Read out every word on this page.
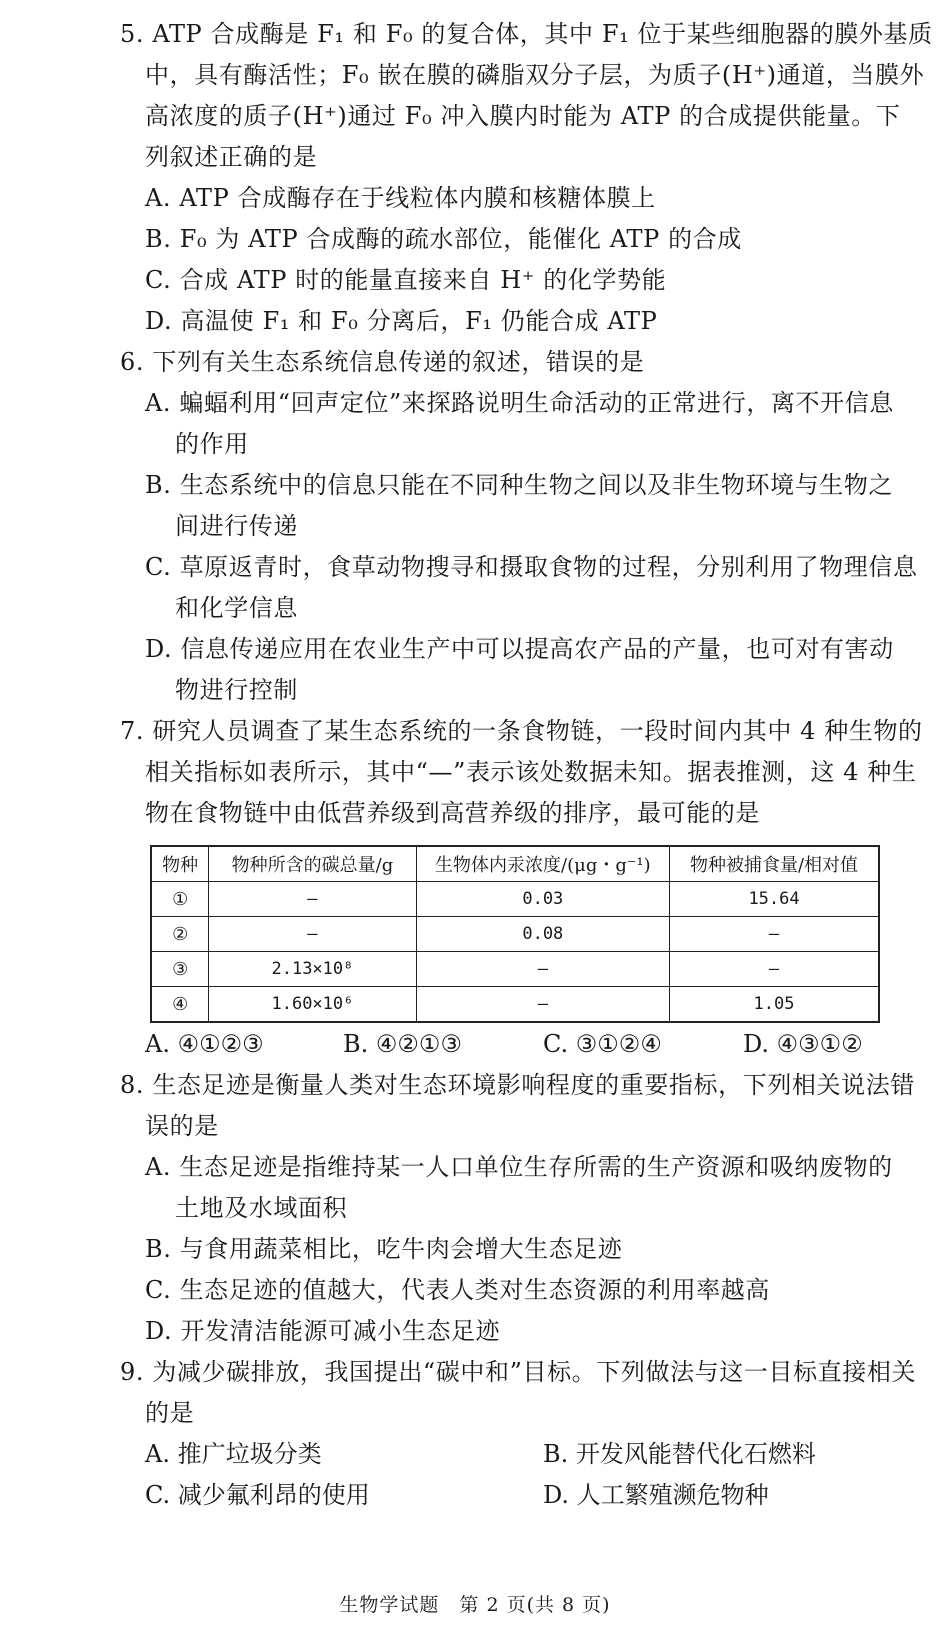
5. ATP 合成酶是 F₁ 和 F₀ 的复合体，其中 F₁ 位于某些细胞器的膜外基质
中，具有酶活性；F₀ 嵌在膜的磷脂双分子层，为质子(H⁺)通道，当膜外
高浓度的质子(H⁺)通过 F₀ 冲入膜内时能为 ATP 的合成提供能量。下
列叙述正确的是
A. ATP 合成酶存在于线粒体内膜和核糖体膜上
B. F₀ 为 ATP 合成酶的疏水部位，能催化 ATP 的合成
C. 合成 ATP 时的能量直接来自 H⁺ 的化学势能
D. 高温使 F₁ 和 F₀ 分离后，F₁ 仍能合成 ATP
6. 下列有关生态系统信息传递的叙述，错误的是
A. 蝙蝠利用“回声定位”来探路说明生命活动的正常进行，离不开信息
的作用
B. 生态系统中的信息只能在不同种生物之间以及非生物环境与生物之
间进行传递
C. 草原返青时，食草动物搜寻和摄取食物的过程，分别利用了物理信息
和化学信息
D. 信息传递应用在农业生产中可以提高农产品的产量，也可对有害动
物进行控制
7. 研究人员调查了某生态系统的一条食物链，一段时间内其中 4 种生物的
相关指标如表所示，其中“—”表示该处数据未知。据表推测，这 4 种生
物在食物链中由低营养级到高营养级的排序，最可能的是
物种	物种所含的碳总量/g	生物体内汞浓度/(μg・g⁻¹)	物种被捕食量/相对值
①	—	0.03	15.64
②	—	0.08	—
③	2.13×10⁸	—	—
④	1.60×10⁶	—	1.05
A. ④①②③	B. ④②①③	C. ③①②④	D. ④③①②
8. 生态足迹是衡量人类对生态环境影响程度的重要指标，下列相关说法错
误的是
A. 生态足迹是指维持某一人口单位生存所需的生产资源和吸纳废物的
土地及水域面积
B. 与食用蔬菜相比，吃牛肉会增大生态足迹
C. 生态足迹的值越大，代表人类对生态资源的利用率越高
D. 开发清洁能源可减小生态足迹
9. 为减少碳排放，我国提出“碳中和”目标。下列做法与这一目标直接相关
的是
A. 推广垃圾分类	B. 开发风能替代化石燃料
C. 减少氟利昂的使用	D. 人工繁殖濒危物种
生物学试题　第 2 页(共 8 页)
